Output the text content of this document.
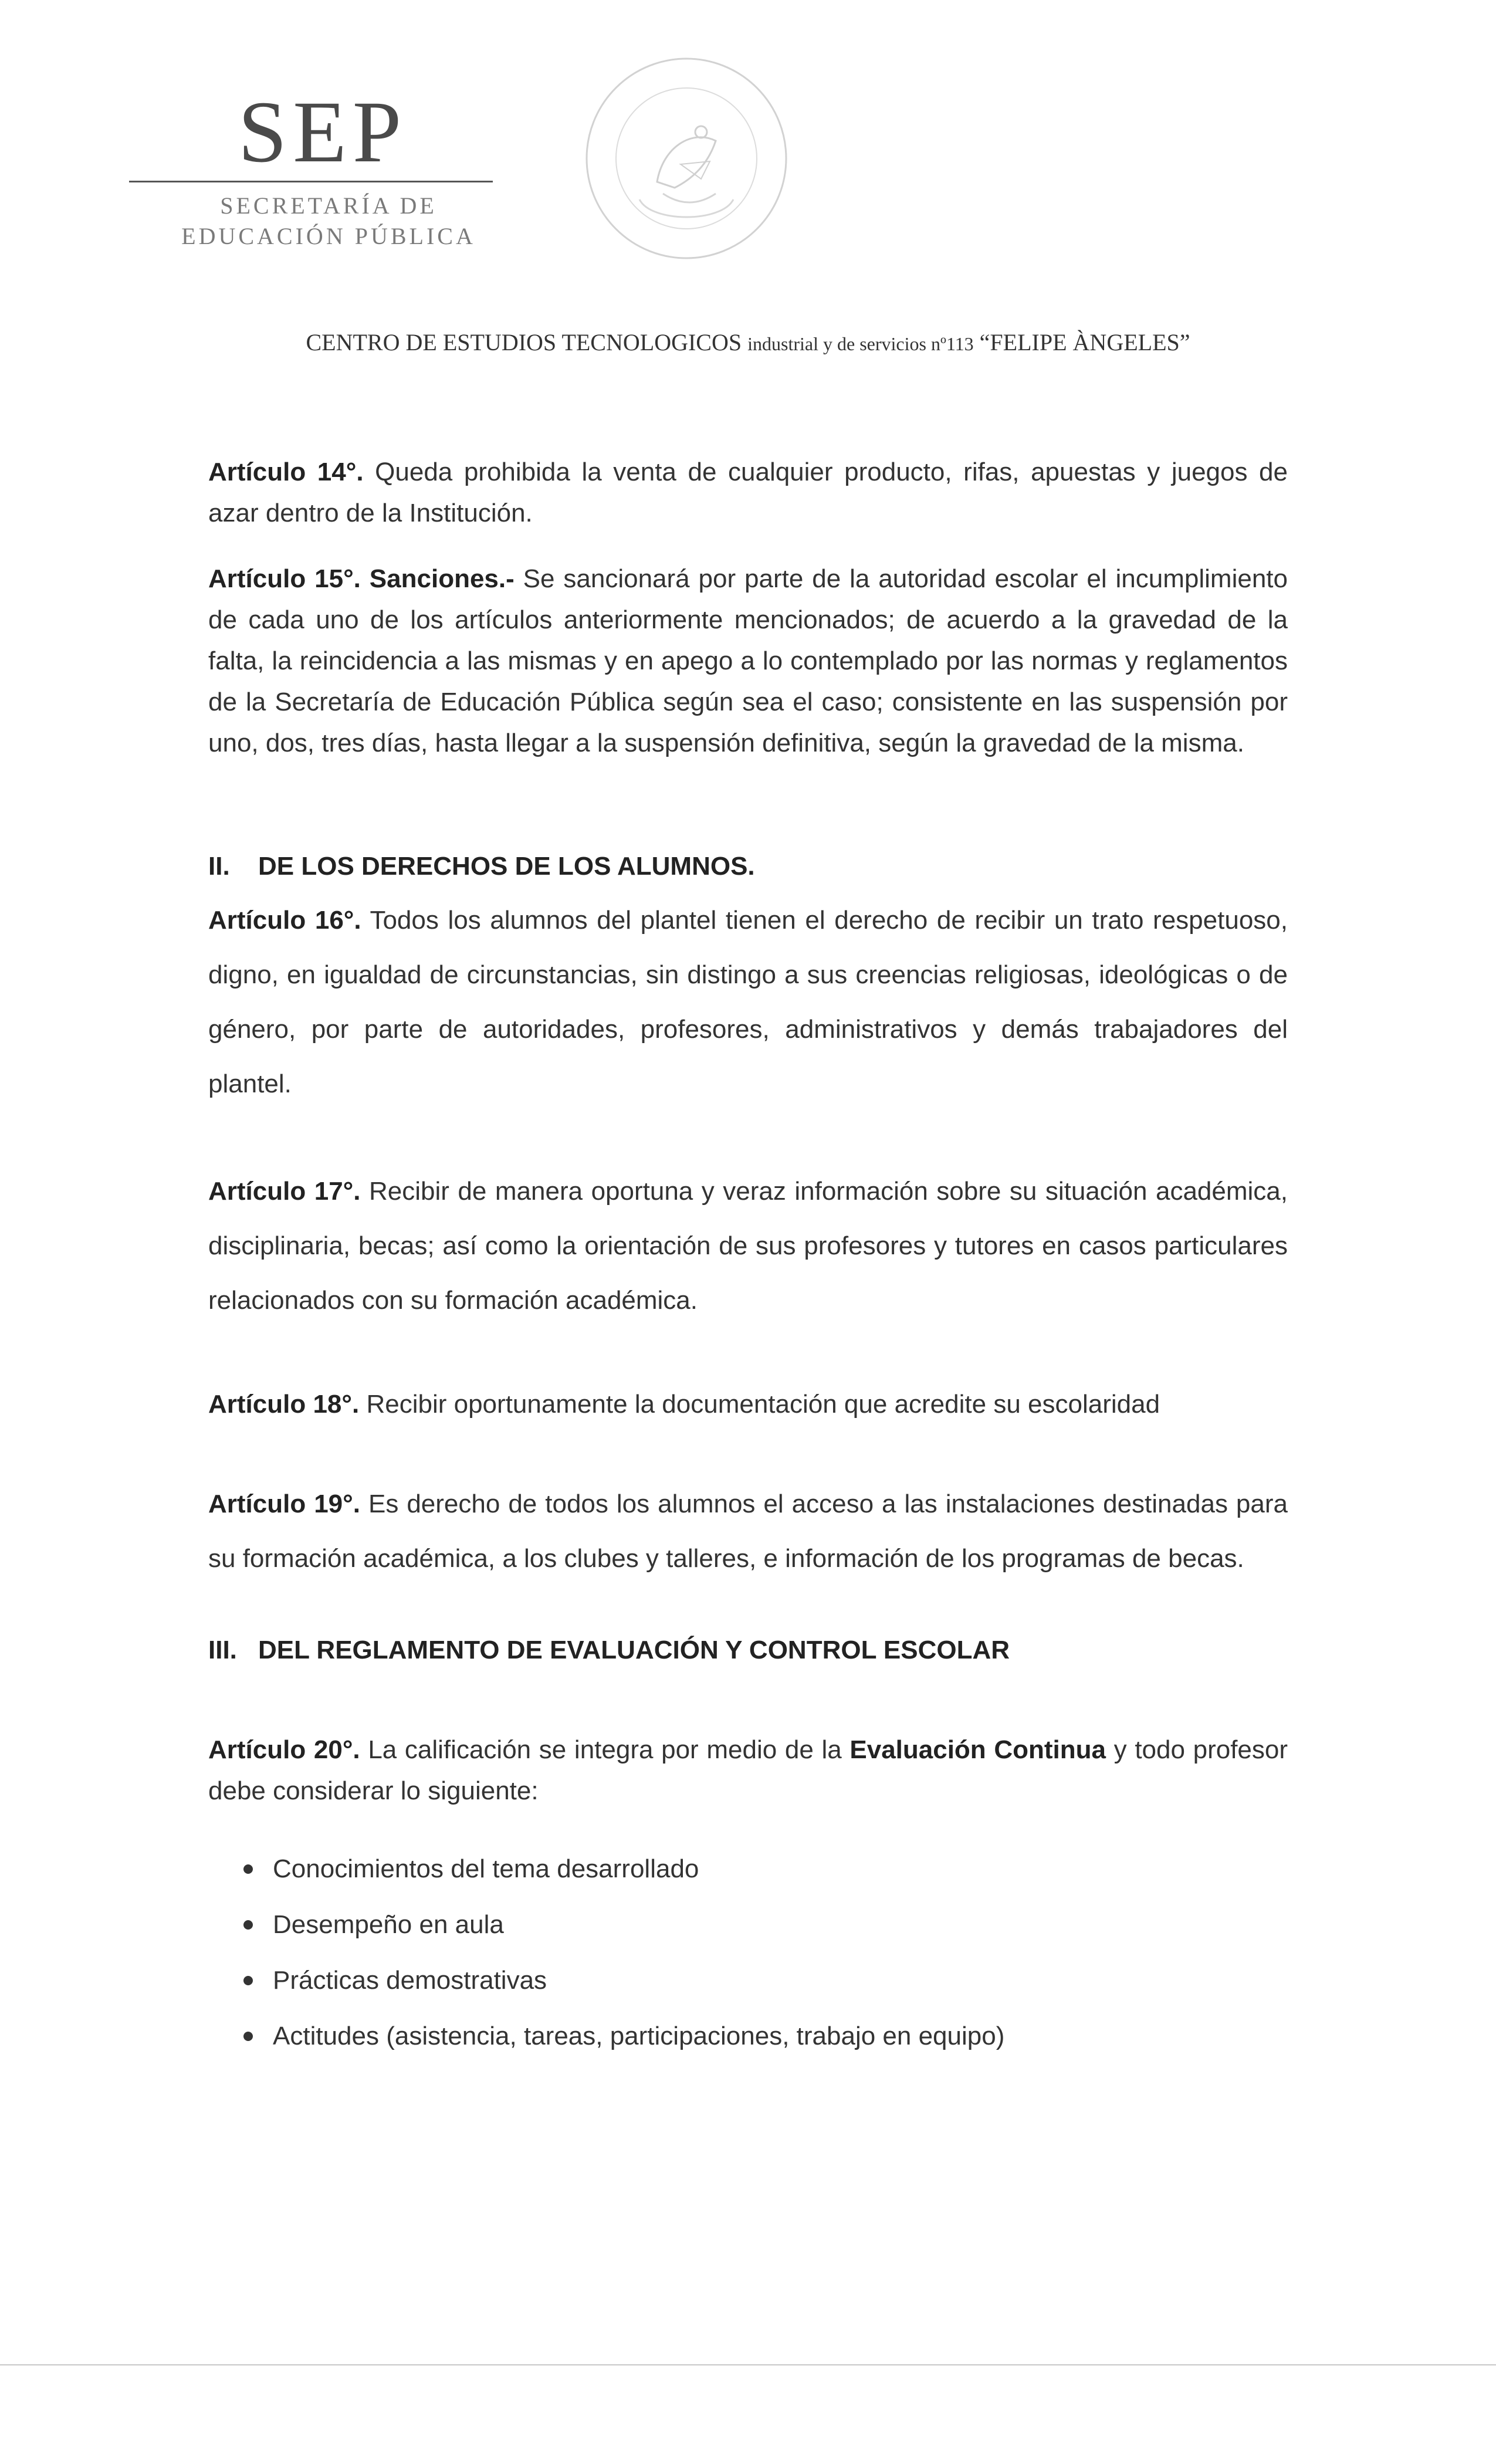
SEP
SECRETARÍA DE
EDUCACIÓN PÚBLICA
CENTRO DE ESTUDIOS TECNOLOGICOS industrial y de servicios nº113 “FELIPE ÀNGELES”

Artículo 14°. Queda prohibida la venta de cualquier producto, rifas, apuestas y juegos de azar dentro de la Institución.

Artículo 15°. Sanciones.- Se sancionará por parte de la autoridad escolar el incumplimiento de cada uno de los artículos anteriormente mencionados; de acuerdo a la gravedad de la falta, la reincidencia a las mismas y en apego a lo contemplado por las normas y reglamentos de la Secretaría de Educación Pública según sea el caso; consistente en las suspensión por uno, dos, tres días, hasta llegar a la suspensión definitiva, según la gravedad de la misma.

II. DE LOS DERECHOS DE LOS ALUMNOS.

Artículo 16°. Todos los alumnos del plantel tienen el derecho de recibir un trato respetuoso, digno, en igualdad de circunstancias, sin distingo a sus creencias religiosas, ideológicas o de género, por parte de autoridades, profesores, administrativos y demás trabajadores del plantel.

Artículo 17°. Recibir de manera oportuna y veraz información sobre su situación académica, disciplinaria, becas; así como la orientación de sus profesores y tutores en casos particulares relacionados con su formación académica.

Artículo 18°. Recibir oportunamente la documentación que acredite su escolaridad

Artículo 19°. Es derecho de todos los alumnos el acceso a las instalaciones destinadas para su formación académica, a los clubes y talleres, e información de los programas de becas.

III. DEL REGLAMENTO DE EVALUACIÓN Y CONTROL ESCOLAR

Artículo 20°. La calificación se integra por medio de la Evaluación Continua y todo profesor debe considerar lo siguiente:

Conocimientos del tema desarrollado
Desempeño en aula
Prácticas demostrativas
Actitudes (asistencia, tareas, participaciones, trabajo en equipo)
